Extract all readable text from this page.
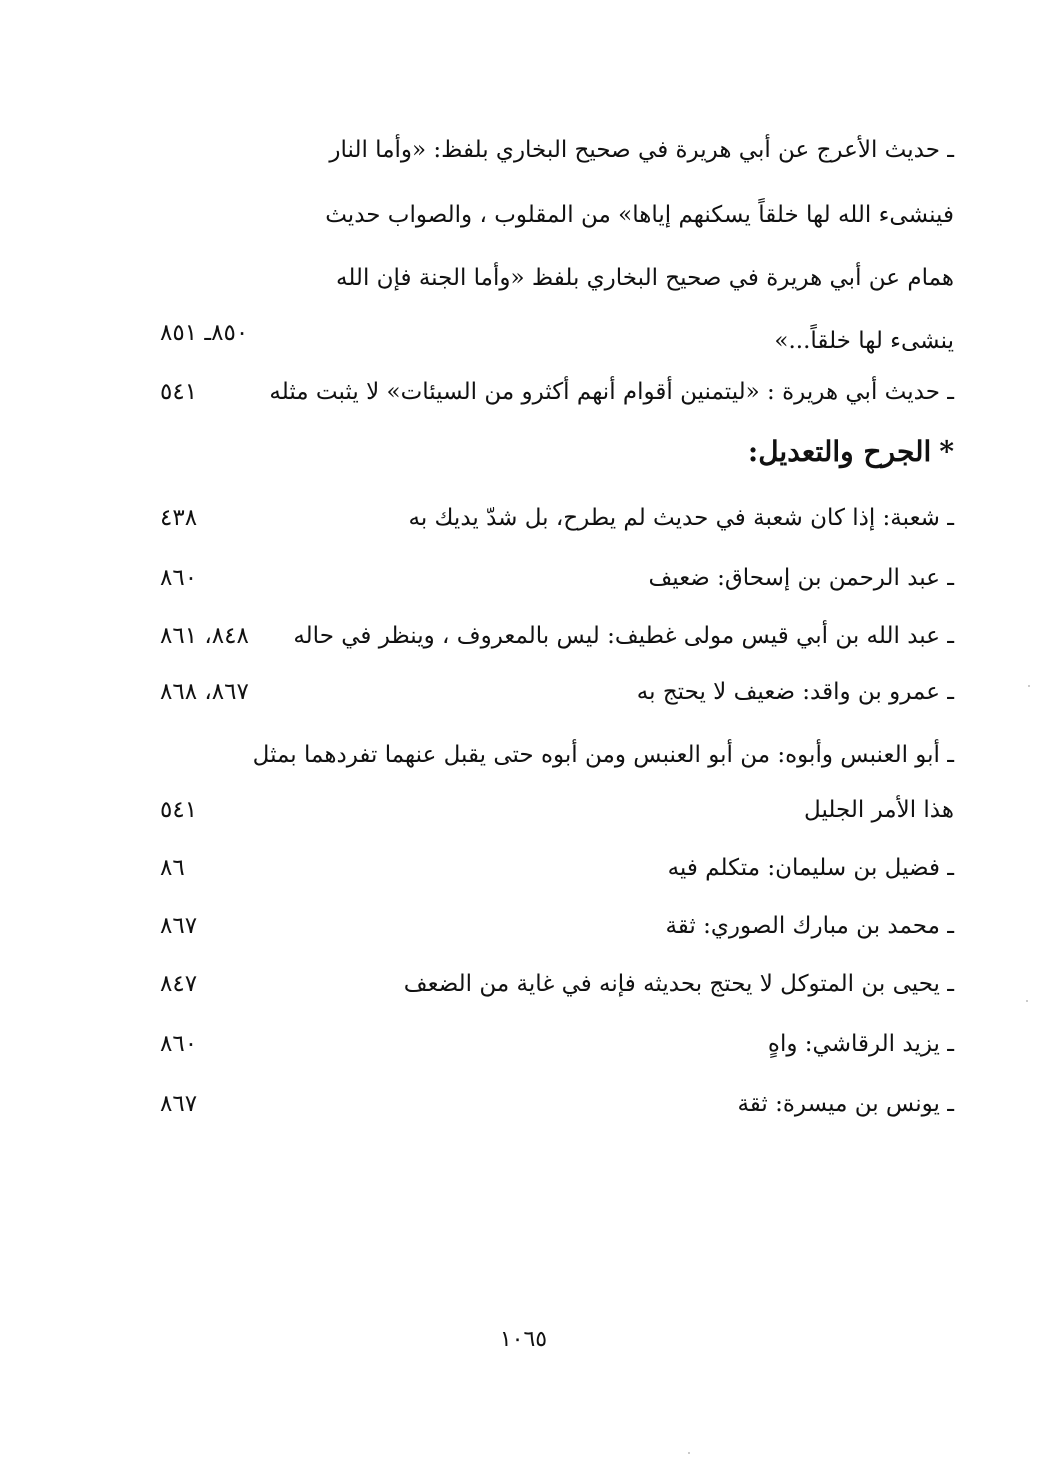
ـ حديث الأعرج عن أبي هريرة في صحيح البخاري بلفظ: «وأما النار
فينشىء الله لها خلقاً يسكنهم إياها» من المقلوب ، والصواب حديث
همام عن أبي هريرة في صحيح البخاري بلفظ «وأما الجنة فإن الله
ينشىء لها خلقاً...»
٨٥٠ـ ٨٥١
ـ حديث أبي هريرة : «ليتمنين أقوام أنهم أكثرو من السيئات» لا يثبت مثله
٥٤١
*الجرح والتعديل:
ـ شعبة: إذا كان شعبة في حديث لم يطرح، بل شدّ يديك به
٤٣٨
ـ عبد الرحمن بن إسحاق: ضعيف
٨٦٠
ـ عبد الله بن أبي قيس مولى غطيف: ليس بالمعروف ، وينظر في حاله
٨٤٨، ٨٦١
ـ عمرو بن واقد: ضعيف لا يحتج به
٨٦٧، ٨٦٨
ـ أبو العنبس وأبوه: من أبو العنبس ومن أبوه حتى يقبل عنهما تفردهما بمثل
هذا الأمر الجليل
٥٤١
ـ فضيل بن سليمان: متكلم فيه
٨٦
ـ محمد بن مبارك الصوري: ثقة
٨٦٧
ـ يحيى بن المتوكل لا يحتج بحديثه فإنه في غاية من الضعف
٨٤٧
ـ يزيد الرقاشي: واهٍ
٨٦٠
ـ يونس بن ميسرة: ثقة
٨٦٧
١٠٦٥
